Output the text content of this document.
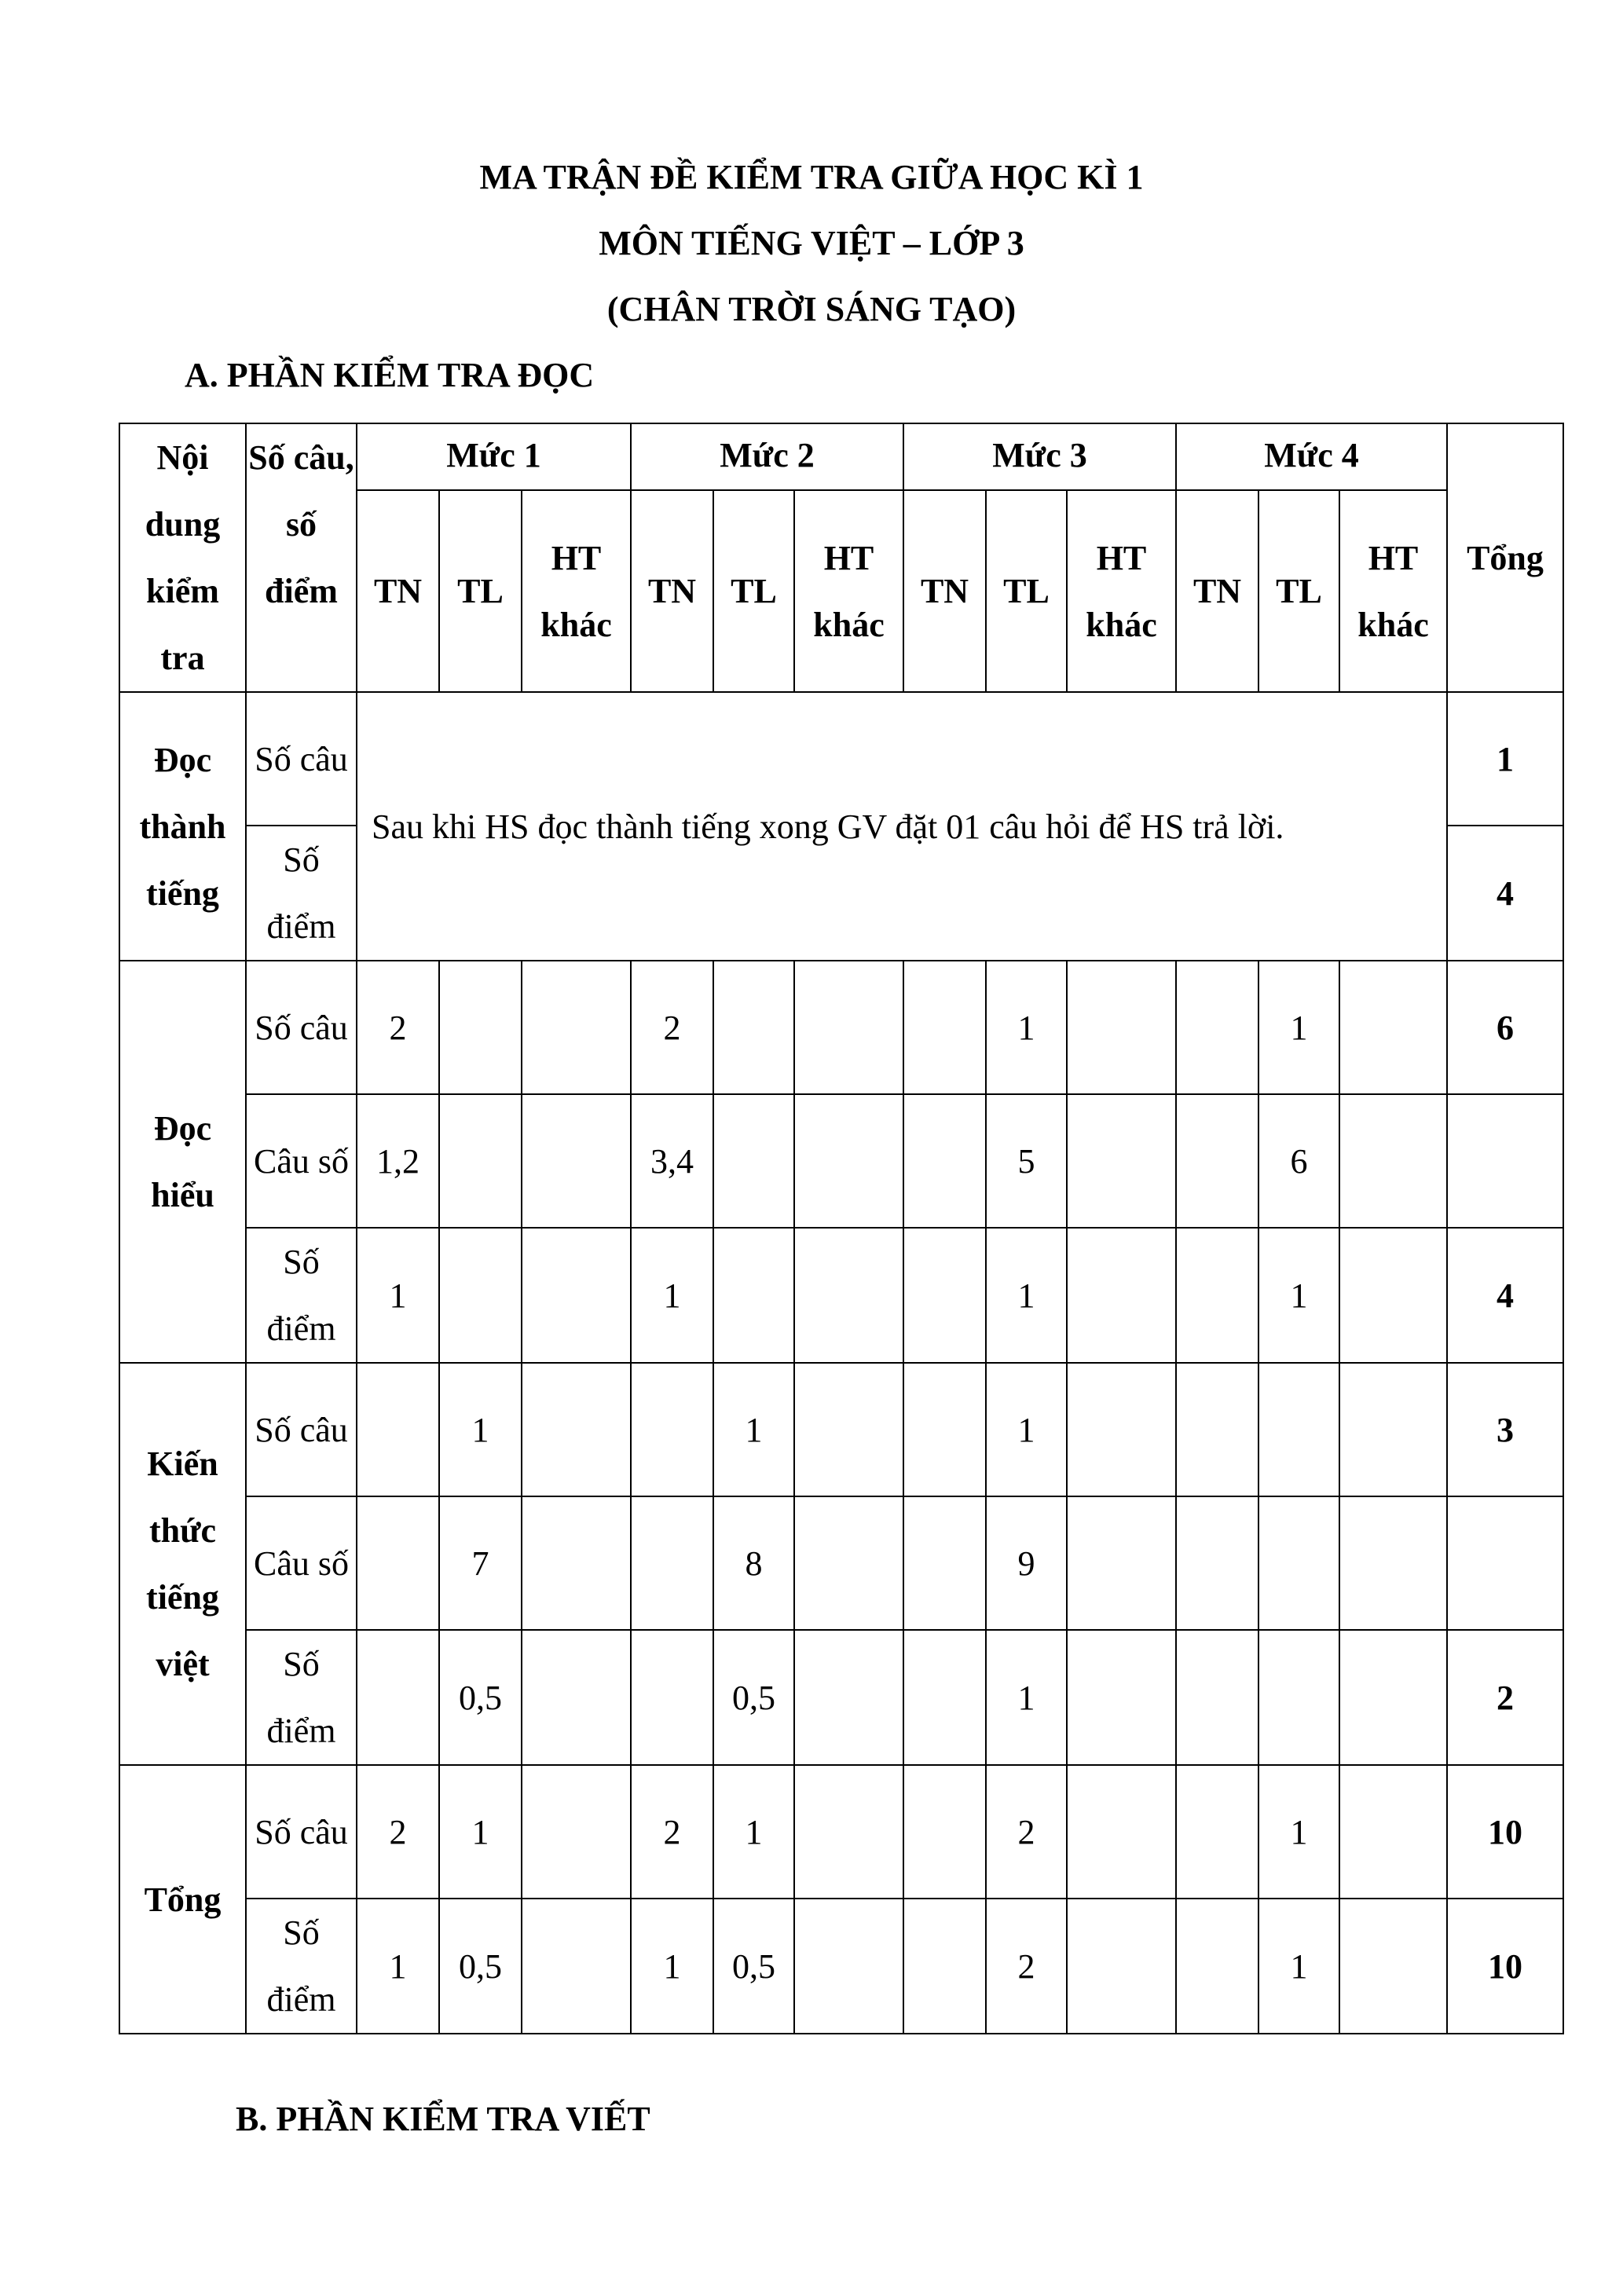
MA TRẬN ĐỀ KIỂM TRA GIỮA HỌC KÌ 1
MÔN TIẾNG VIỆT – LỚP 3
(CHÂN TRỜI SÁNG TẠO)
A. PHẦN KIỂM TRA ĐỌC
Nội dung kiểm tra	Số câu, số điểm	Mức 1			Mức 2			Mức 3			Mức 4			Tổng
		TN	TL	HT khác	TN	TL	HT khác	TN	TL	HT khác	TN	TL	HT khác	
Đọc thành tiếng	Số câu	Sau khi HS đọc thành tiếng xong GV đặt 01 câu hỏi để HS trả lời.												1
	Số điểm													4
Đọc hiểu	Số câu	2			2				1			1		6
	Câu số	1,2			3,4				5			6		
	Số điểm	1			1				1			1		4
Kiến thức tiếng việt	Số câu		1			1			1					3
	Câu số		7			8			9					
	Số điểm		0,5			0,5			1					2
Tổng	Số câu	2	1		2	1			2			1		10
	Số điểm	1	0,5		1	0,5			2			1		10
B. PHẦN KIỂM TRA VIẾT
